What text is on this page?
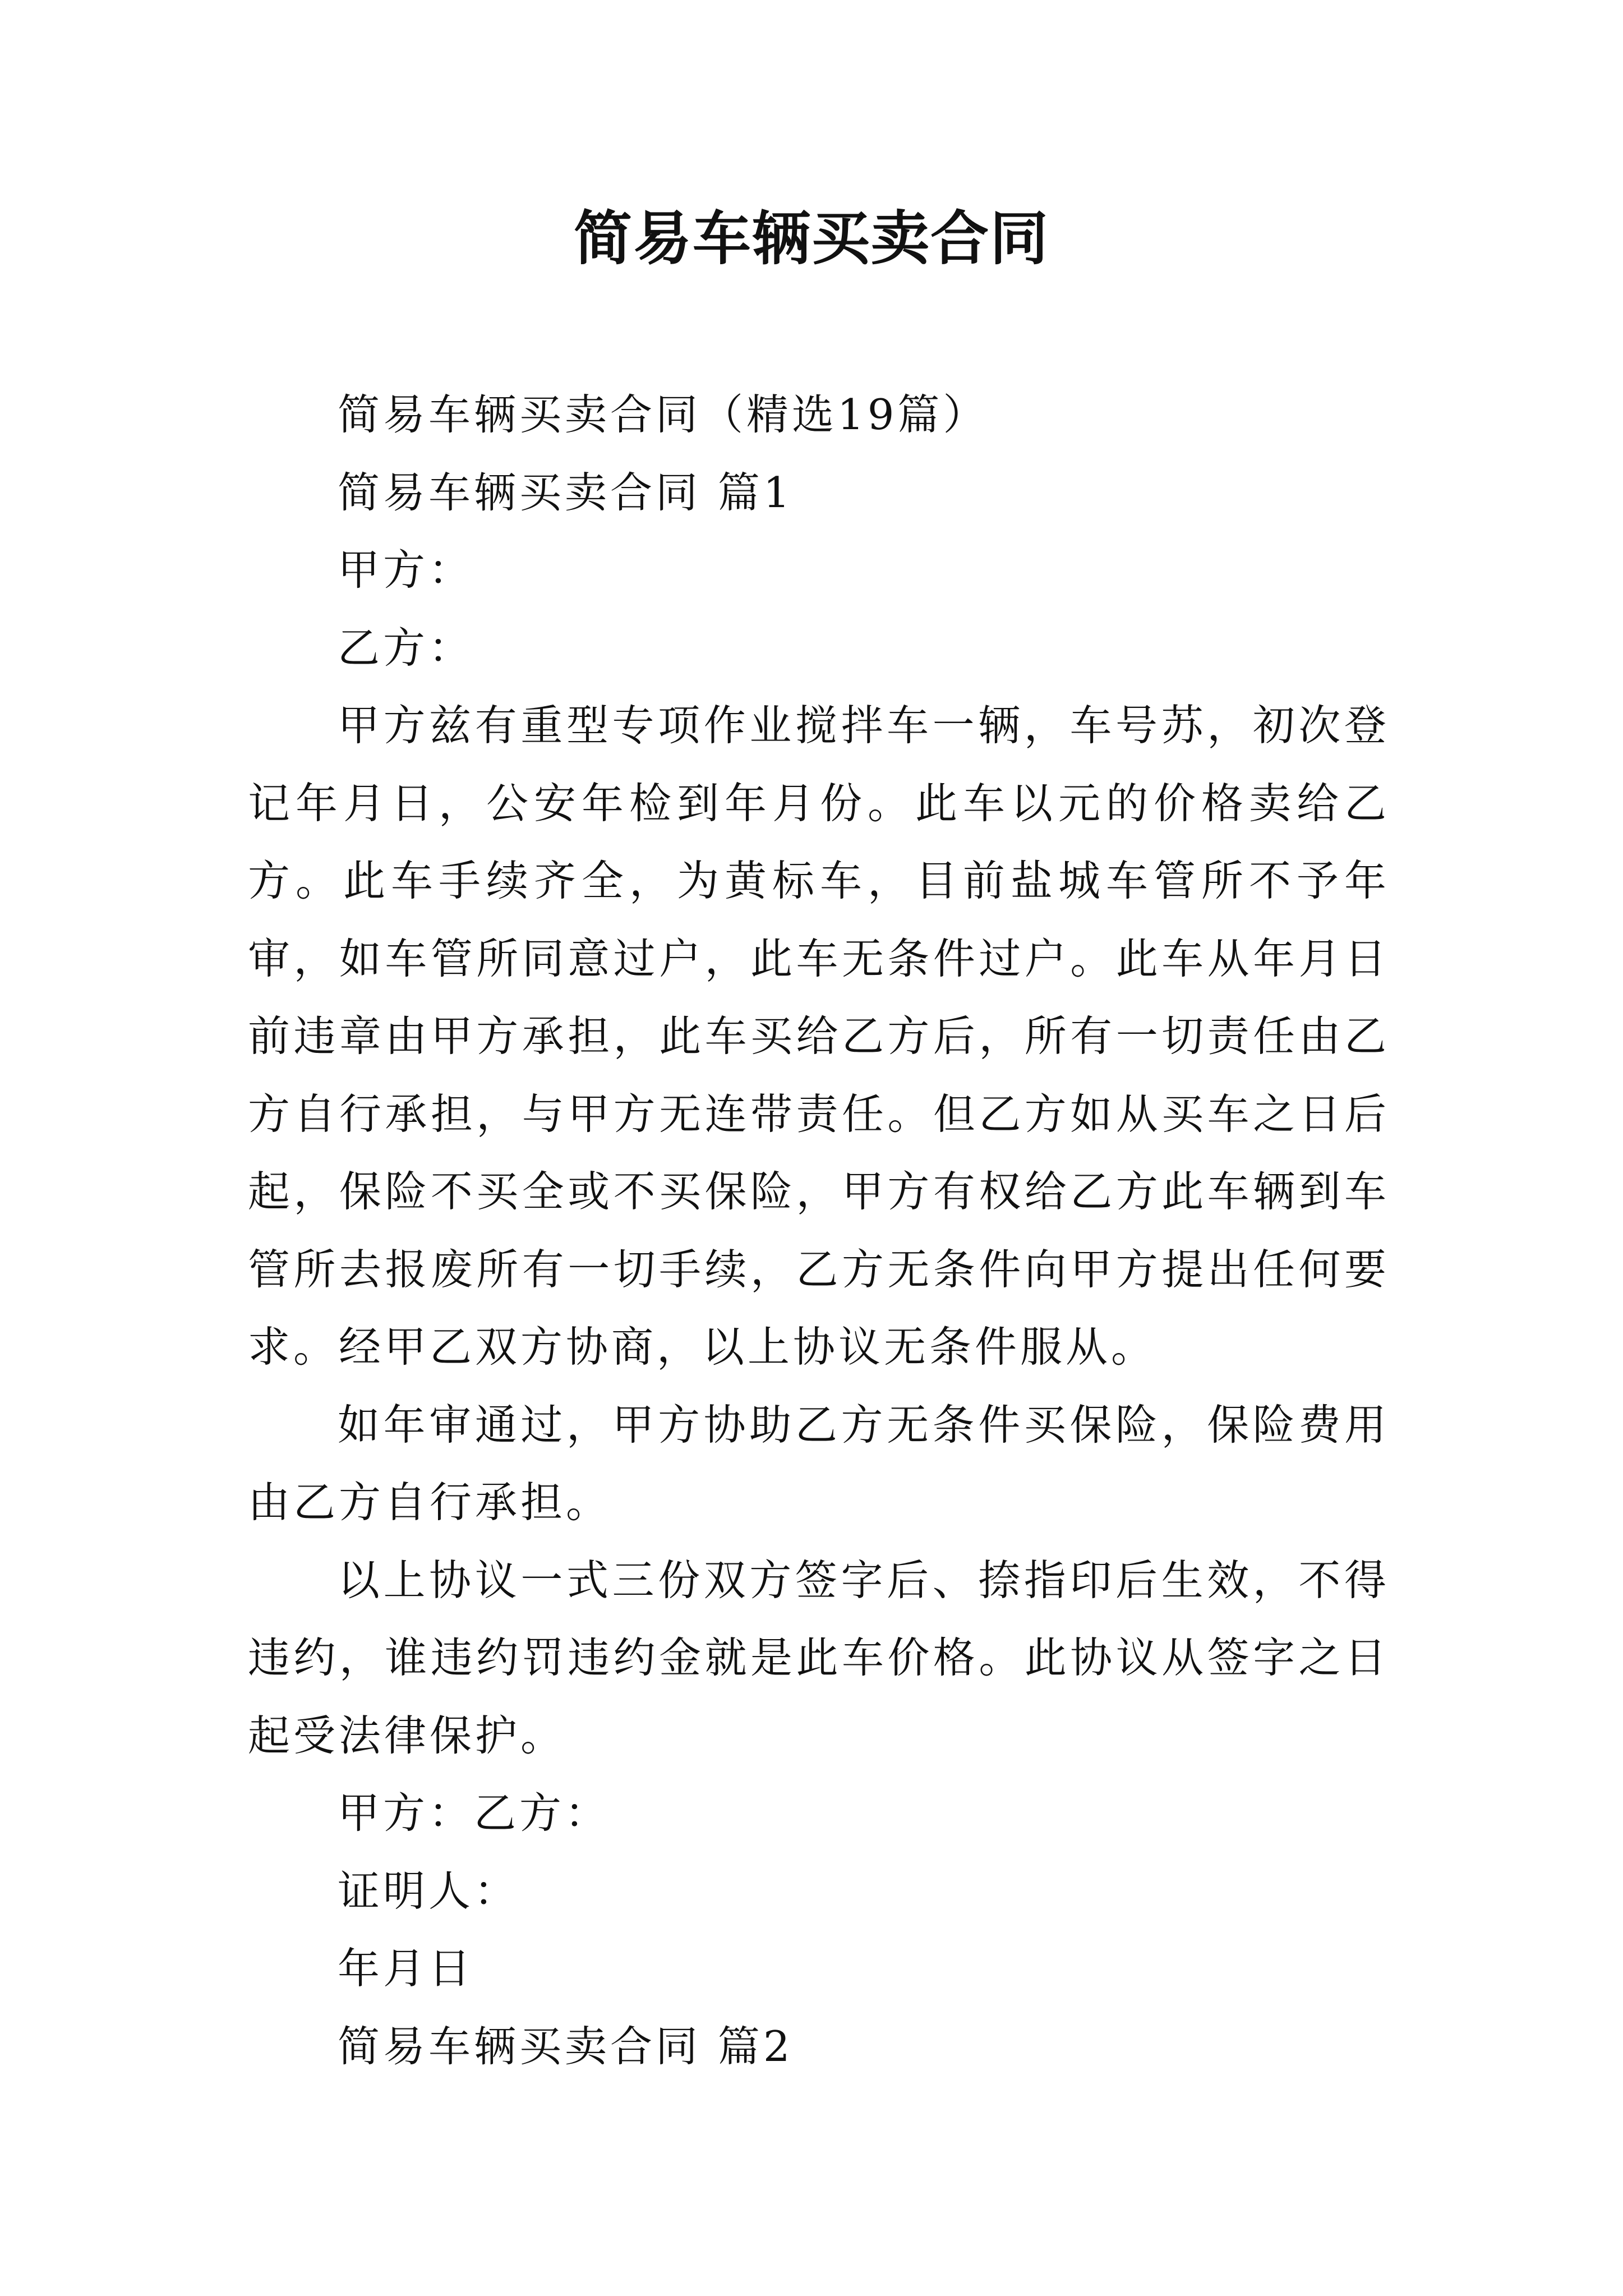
简易车辆买卖合同

简易车辆买卖合同（精选19篇）

简易车辆买卖合同 篇1

甲方：

乙方：

甲方兹有重型专项作业搅拌车一辆，车号苏，初次登记年月日，公安年检到年月份。此车以元的价格卖给乙方。此车手续齐全，为黄标车，目前盐城车管所不予年审，如车管所同意过户，此车无条件过户。此车从年月日前违章由甲方承担，此车买给乙方后，所有一切责任由乙方自行承担，与甲方无连带责任。但乙方如从买车之日后起，保险不买全或不买保险，甲方有权给乙方此车辆到车管所去报废所有一切手续，乙方无条件向甲方提出任何要求。经甲乙双方协商，以上协议无条件服从。

如年审通过，甲方协助乙方无条件买保险，保险费用由乙方自行承担。

以上协议一式三份双方签字后、捺指印后生效，不得违约，谁违约罚违约金就是此车价格。此协议从签字之日起受法律保护。

甲方：乙方：

证明人：

年月日

简易车辆买卖合同 篇2
